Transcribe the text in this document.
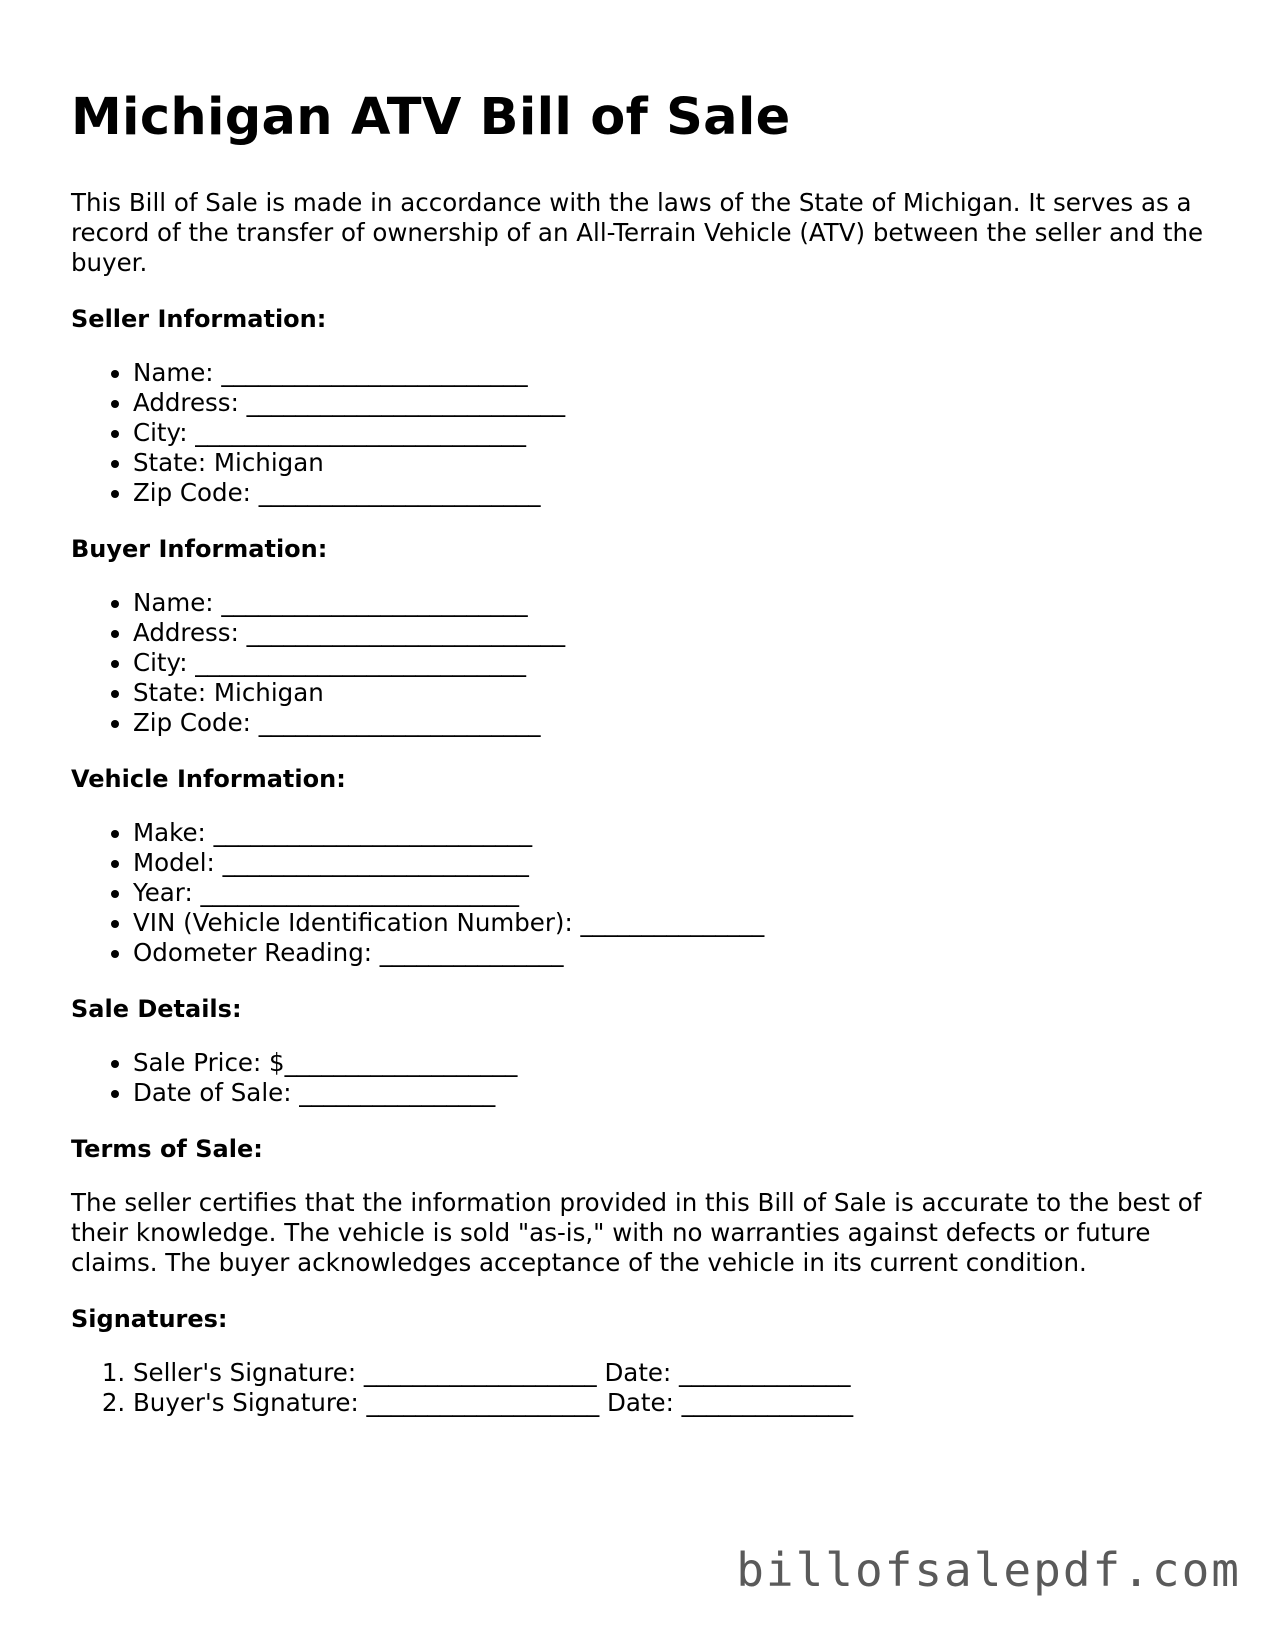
Michigan ATV Bill of Sale

This Bill of Sale is made in accordance with the laws of the State of Michigan. It serves as a record of the transfer of ownership of an All-Terrain Vehicle (ATV) between the seller and the buyer.

Seller Information:
• Name: _________________________
• Address: __________________________
• City: ___________________________
• State: Michigan
• Zip Code: _______________________
Buyer Information:
• Name: _________________________
• Address: __________________________
• City: ___________________________
• State: Michigan
• Zip Code: _______________________
Vehicle Information:
• Make: __________________________
• Model: _________________________
• Year: __________________________
• VIN (Vehicle Identification Number): _______________
• Odometer Reading: _______________
Sale Details:
• Sale Price: $___________________
• Date of Sale: ________________
Terms of Sale:

The seller certifies that the information provided in this Bill of Sale is accurate to the best of their knowledge. The vehicle is sold "as-is," with no warranties against defects or future claims. The buyer acknowledges acceptance of the vehicle in its current condition.

Signatures:
1. Seller's Signature: ___________________ Date: ______________
2. Buyer's Signature: ___________________ Date: ______________
billofsalepdf.com
